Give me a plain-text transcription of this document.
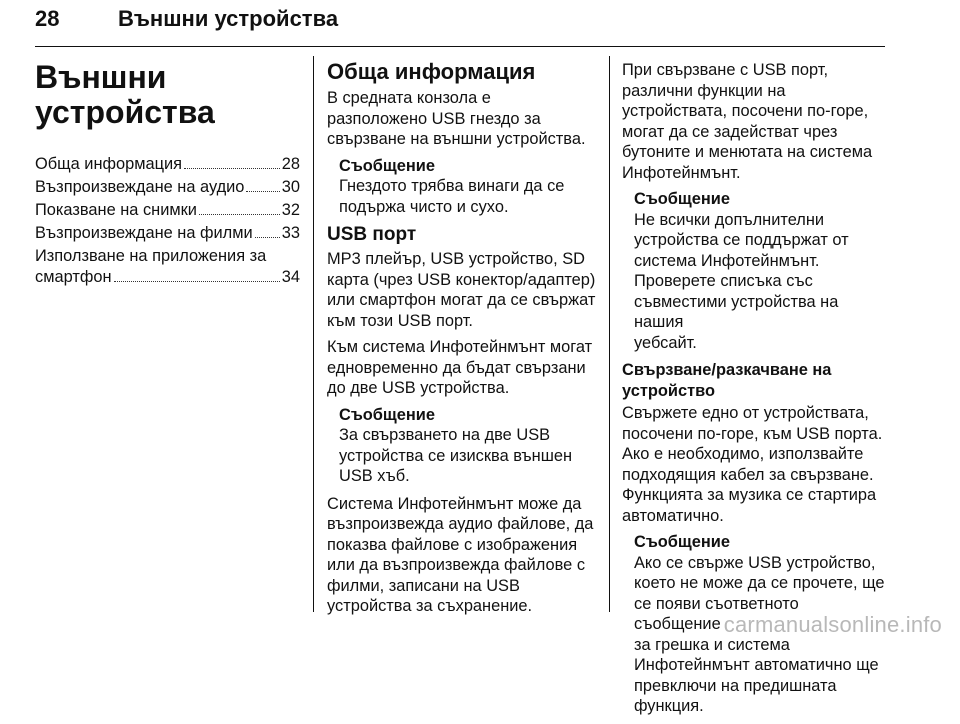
28	Външни устройства
Външни
устройства
Обща информация	28
Възпроизвеждане на аудио 30
Показване на снимки	32
Възпроизвеждане на филми 33
Използване на приложения за
смартфон	34
Обща информация
В средната конзола е
разположено USB гнездо за
свързване на външни устройства.
Съобщение
Гнездото трябва винаги да се
подържа чисто и сухо.
USB порт
MP3 плейър, USB устройство, SD
карта (чрез USB конектор/адаптер)
или смартфон могат да се свържат
към този USB порт.
Към система Инфотейнмънт могат
едновременно да бъдат свързани
до две USB устройства.
Съобщение
За свързването на две USB
устройства се изисква външен
USB хъб.
Система Инфотейнмънт може да
възпроизвежда аудио файлове, да
показва файлове с изображения
или да възпроизвежда файлове с
филми, записани на USB
устройства за съхранение.
При свързване с USB порт,
различни функции на
устройствата, посочени по-горе,
могат да се задействат чрез
бутоните и менютата на система
Инфотейнмънт.
Съобщение
Не всички допълнителни
устройства се поддържат от
система Инфотейнмънт.
Проверете списъка със
съвместими устройства на нашия
уебсайт.
Свързване/разкачване на
устройство
Свържете едно от устройствата,
посочени по-горе, към USB порта.
Ако е необходимо, използвайте
подходящия кабел за свързване.
Функцията за музика се стартира
автоматично.
Съобщение
Ако се свърже USB устройство,
което не може да се прочете, ще
се появи съответното съобщение
за грешка и система
Инфотейнмънт автоматично ще
превключи на предишната
функция.
carmanualsonline.info
